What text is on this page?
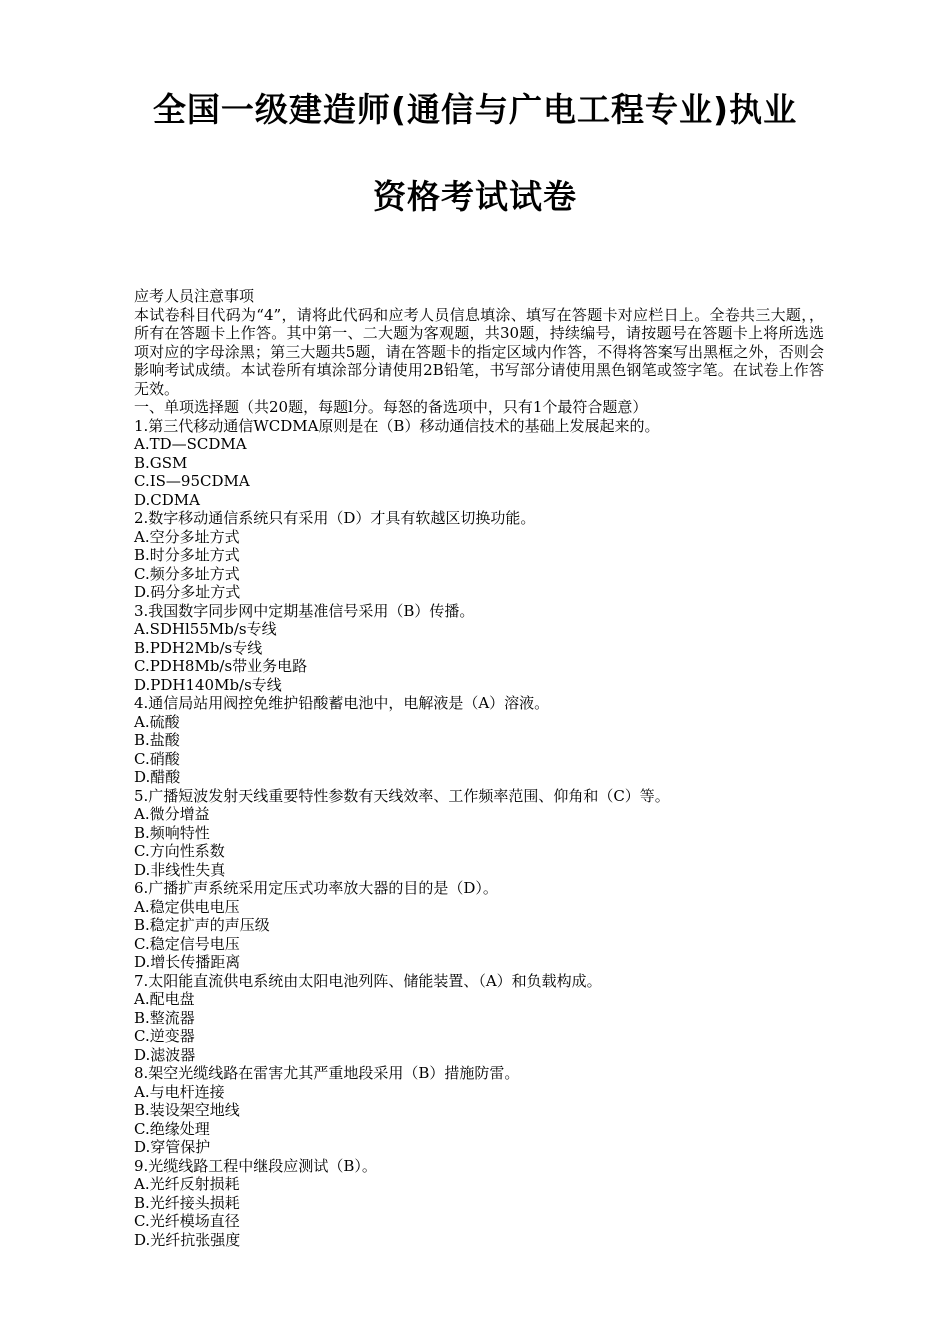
全国一级建造师(通信与广电工程专业)执业
资格考试试卷

应考人员注意事项

本试卷科目代码为“4”，请将此代码和应考人员信息填涂、填写在答题卡对应栏日上。全卷共三大题，，所有在答题卡上作答。其中第一、二大题为客观题，共30题，持续编号，请按题号在答题卡上将所选选项对应的字母涂黑；第三大题共5题，请在答题卡的指定区域内作答，不得将答案写出黑框之外，否则会影响考试成绩。本试卷所有填涂部分请使用2B铅笔，书写部分请使用黑色钢笔或签字笔。在试卷上作答无效。

一、单项选择题（共20题，每题l分。每怒的备选项中，只有1个最符合题意）

1.第三代移动通信WCDMA原则是在（B）移动通信技术的基础上发展起来的。

A.TD—SCDMA

B.GSM

C.IS—95CDMA

D.CDMA

2.数字移动通信系统只有采用（D）才具有软越区切换功能。

A.空分多址方式

B.时分多址方式

C.频分多址方式

D.码分多址方式

3.我国数字同步网中定期基准信号采用（B）传播。

A.SDHl55Mb/s专线

B.PDH2Mb/s专线

C.PDH8Mb/s带业务电路

D.PDH140Mb/s专线

4.通信局站用阀控免维护铅酸蓄电池中，电解液是（A）溶液。

A.硫酸

B.盐酸

C.硝酸

D.醋酸

5.广播短波发射天线重要特性参数有天线效率、工作频率范围、仰角和（C）等。

A.微分增益

B.频响特性

C.方向性系数

D.非线性失真

6.广播扩声系统采用定压式功率放大器的目的是（D）。

A.稳定供电电压

B.稳定扩声的声压级

C.稳定信号电压

D.增长传播距离

7.太阳能直流供电系统由太阳电池列阵、储能装置、（A）和负载构成。

A.配电盘

B.整流器

C.逆变器

D.滤波器

8.架空光缆线路在雷害尤其严重地段采用（B）措施防雷。

A.与电杆连接

B.装设架空地线

C.绝缘处理

D.穿管保护

9.光缆线路工程中继段应测试（B）。

A.光纤反射损耗

B.光纤接头损耗

C.光纤模场直径

D.光纤抗张强度
